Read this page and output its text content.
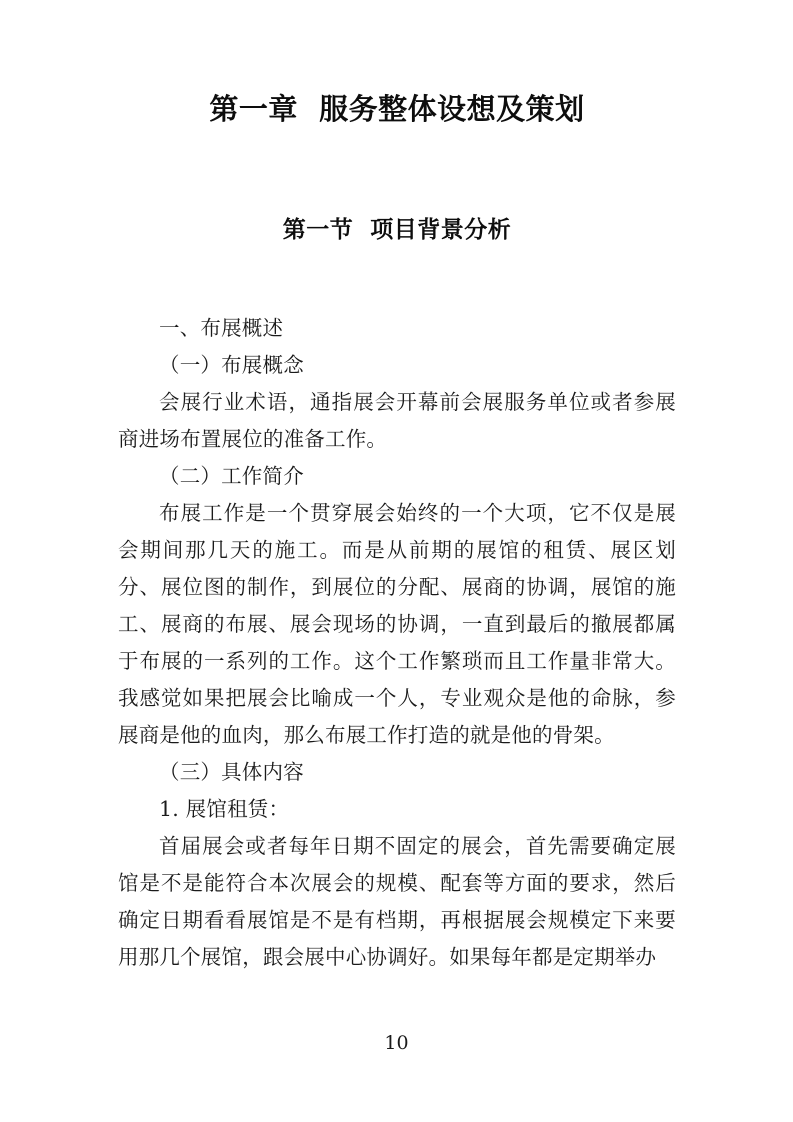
第一章  服务整体设想及策划
第一节  项目背景分析

一、布展概述

（一）布展概念

会展行业术语，通指展会开幕前会展服务单位或者参展商进场布置展位的准备工作。

（二）工作简介

布展工作是一个贯穿展会始终的一个大项，它不仅是展会期间那几天的施工。而是从前期的展馆的租赁、展区划分、展位图的制作，到展位的分配、展商的协调，展馆的施工、展商的布展、展会现场的协调，一直到最后的撤展都属于布展的一系列的工作。这个工作繁琐而且工作量非常大。我感觉如果把展会比喻成一个人，专业观众是他的命脉，参展商是他的血肉，那么布展工作打造的就是他的骨架。

（三）具体内容

1. 展馆租赁：

首届展会或者每年日期不固定的展会，首先需要确定展馆是不是能符合本次展会的规模、配套等方面的要求，然后确定日期看看展馆是不是有档期，再根据展会规模定下来要用那几个展馆，跟会展中心协调好。如果每年都是定期举办

10
